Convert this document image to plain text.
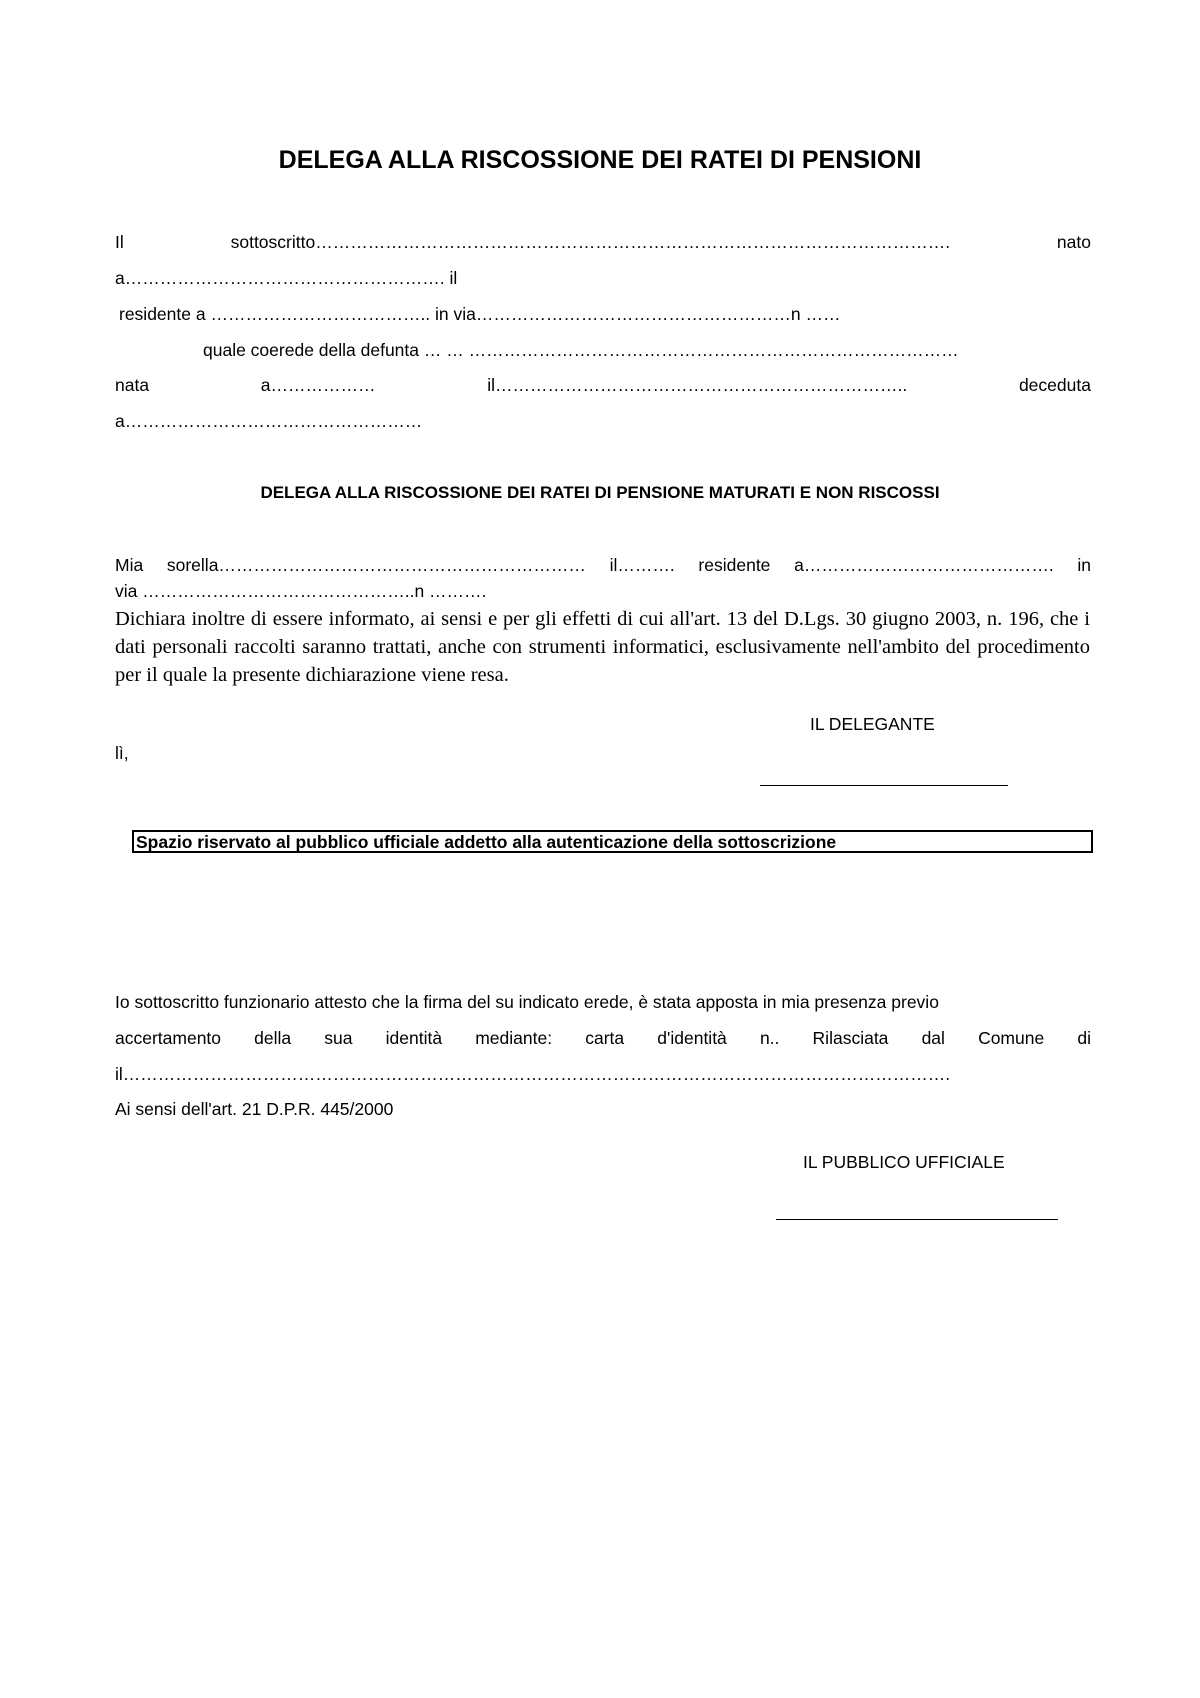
DELEGA ALLA RISCOSSIONE DEI RATEI DI PENSIONI
Il	sottoscritto……………………………………………………………………………………………….	nato
a………………………………………………. il
residente a ……………………………….. in via………………………………………………n ……
quale coerede della defunta … … …………………………………………………………………………
nata	a………………	il……………………………………………………………..	deceduta
a……………………………………………
DELEGA ALLA RISCOSSIONE DEI RATEI DI PENSIONE MATURATI E NON RISCOSSI
Mia sorella……………………………………………………… il………. residente a……………………………………. in
via ………………………………………..n ……….
Dichiara inoltre di essere informato, ai sensi e per gli effetti di cui all'art. 13 del D.Lgs. 30 giugno 2003, n. 196, che i dati personali raccolti saranno trattati, anche con strumenti informatici, esclusivamente nell'ambito del procedimento per il quale la presente dichiarazione viene resa.
IL DELEGANTE
lì,
Spazio riservato al pubblico ufficiale addetto alla autenticazione della sottoscrizione
Io sottoscritto funzionario attesto che la firma del su indicato erede, è stata apposta in mia presenza previo
accertamento della sua identità mediante: carta d'identità n.. Rilasciata dal Comune di
il…………………………………………………………………………………………………………………………….
Ai sensi dell'art. 21 D.P.R. 445/2000
IL PUBBLICO UFFICIALE
